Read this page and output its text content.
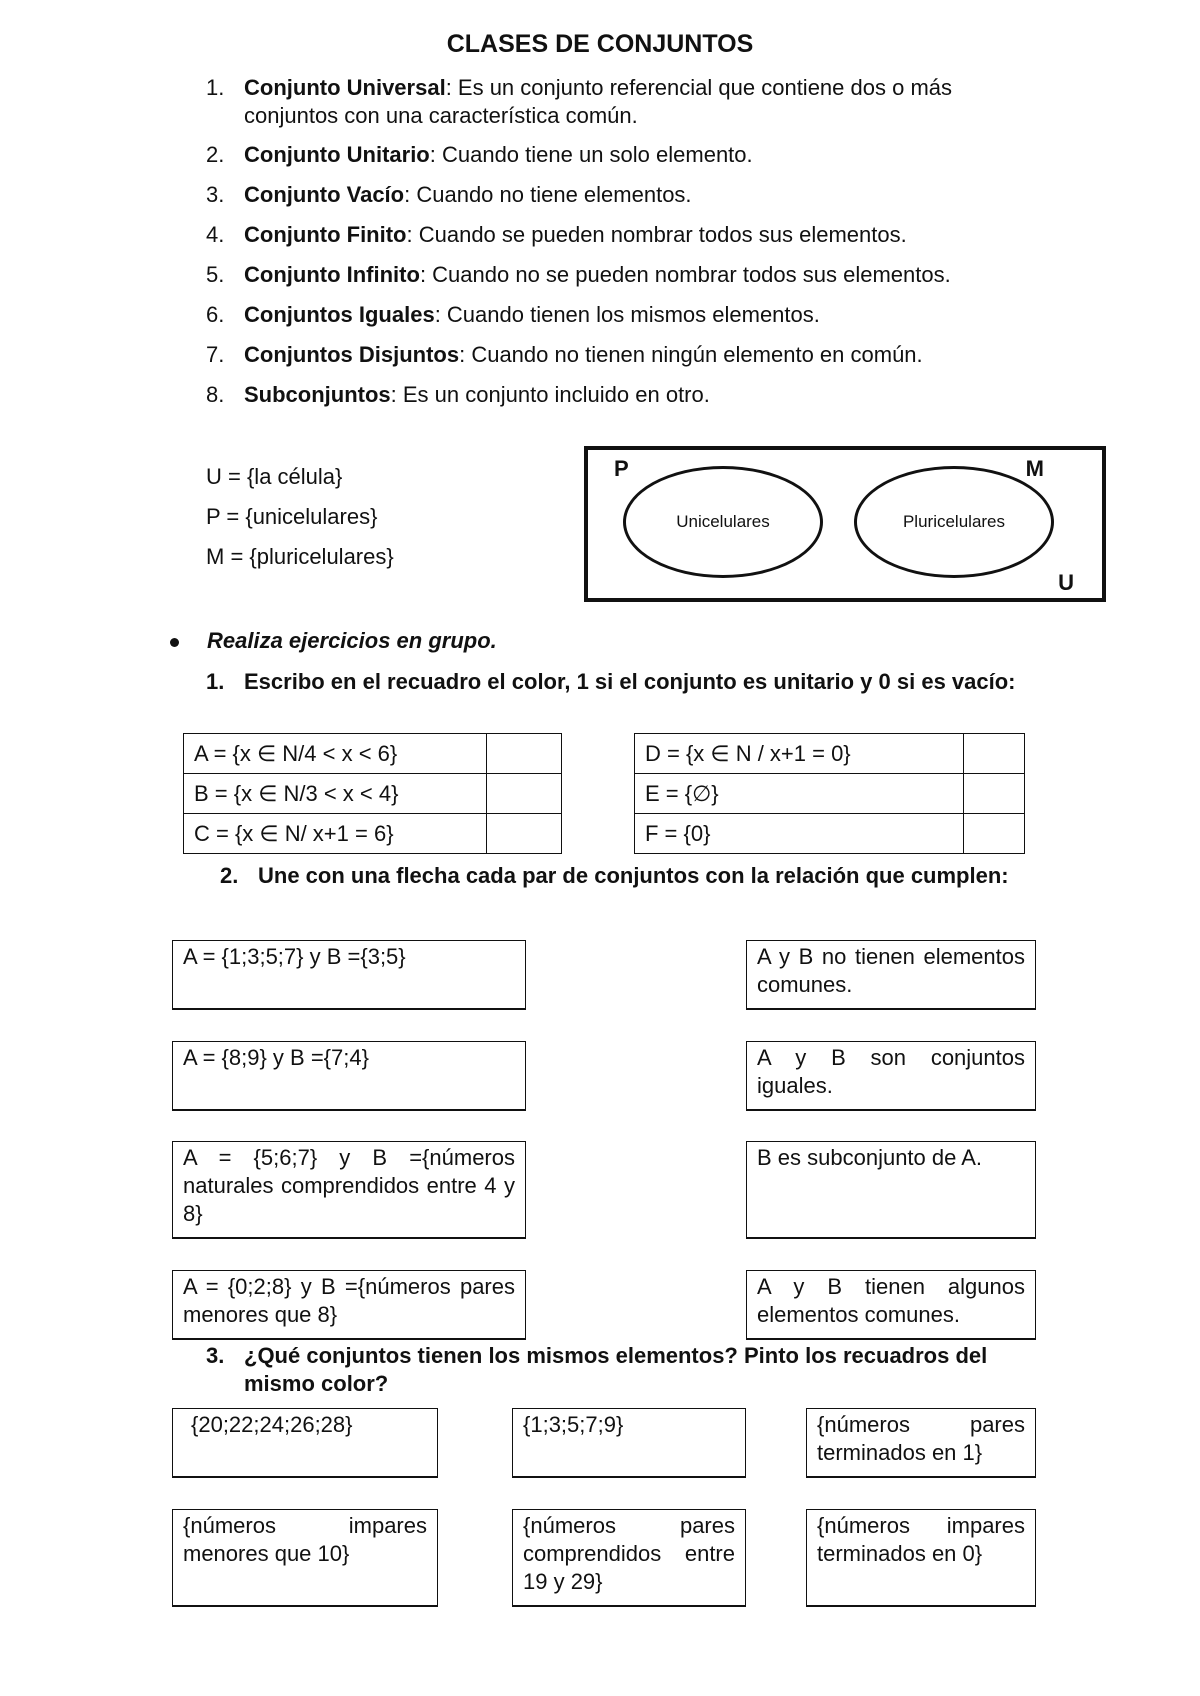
CLASES DE CONJUNTOS
1. Conjunto Universal: Es un conjunto referencial que contiene dos o más conjuntos con una característica común.
2. Conjunto Unitario: Cuando tiene un solo elemento.
3. Conjunto Vacío: Cuando no tiene elementos.
4. Conjunto Finito: Cuando se pueden nombrar todos sus elementos.
5. Conjunto Infinito: Cuando no se pueden nombrar todos sus elementos.
6. Conjuntos Iguales: Cuando tienen los mismos elementos.
7. Conjuntos Disjuntos: Cuando no tienen ningún elemento en común.
8. Subconjuntos: Es un conjunto incluido en otro.
U = {la célula}
P = {unicelulares}
M = {pluricelulares}
P	M
U
Unicelulares	Pluricelulares
Realiza ejercicios en grupo.
1. Escribo en el recuadro el color, 1 si el conjunto es unitario y 0 si es vacío:
A = {x ∈ N/4 < x < 6}	
B = {x ∈ N/3 < x < 4}	
C = {x ∈ N/ x+1 = 6}	
D = {x ∈ N / x+1 = 0}	
E = {∅}	
F = {0}	
2. Une con una flecha cada par de conjuntos con la relación que cumplen:
A = {1;3;5;7} y B ={3;5}
A = {8;9} y B ={7;4}
A = {5;6;7} y B ={números naturales comprendidos entre 4 y 8}
A = {0;2;8} y B ={números pares menores que 8}
A y B no tienen elementos comunes.
A y B son conjuntos iguales.
B es subconjunto de A.
A y B tienen algunos elementos comunes.
3. ¿Qué conjuntos tienen los mismos elementos? Pinto los recuadros del mismo color?
{20;22;24;26;28}	{1;3;5;7;9}	{números pares terminados en 1}
{números impares menores que 10}
{números pares comprendidos entre 19 y 29}
{números impares terminados en 0}
